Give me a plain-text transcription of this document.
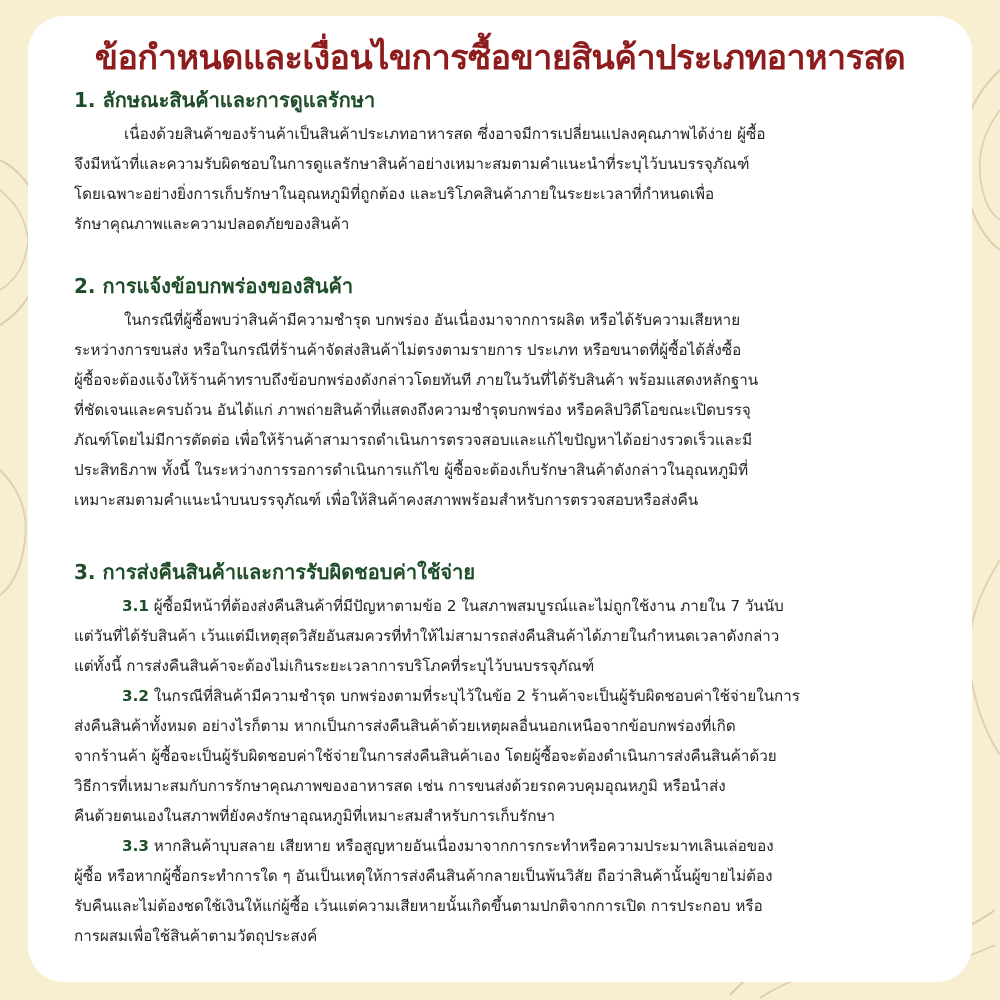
ข้อกำหนดและเงื่อนไขการซื้อขายสินค้าประเภทอาหารสด
1. ลักษณะสินค้าและการดูแลรักษา

เนื่องด้วยสินค้าของร้านค้าเป็นสินค้าประเภทอาหารสด ซึ่งอาจมีการเปลี่ยนแปลงคุณภาพได้ง่าย ผู้ซื้อ
จึงมีหน้าที่และความรับผิดชอบในการดูแลรักษาสินค้าอย่างเหมาะสมตามคำแนะนำที่ระบุไว้บนบรรจุภัณฑ์
โดยเฉพาะอย่างยิ่งการเก็บรักษาในอุณหภูมิที่ถูกต้อง และบริโภคสินค้าภายในระยะเวลาที่กำหนดเพื่อ
รักษาคุณภาพและความปลอดภัยของสินค้า

2. การแจ้งข้อบกพร่องของสินค้า

ในกรณีที่ผู้ซื้อพบว่าสินค้ามีความชำรุด บกพร่อง อันเนื่องมาจากการผลิต หรือได้รับความเสียหาย
ระหว่างการขนส่ง หรือในกรณีที่ร้านค้าจัดส่งสินค้าไม่ตรงตามรายการ ประเภท หรือขนาดที่ผู้ซื้อได้สั่งซื้อ
ผู้ซื้อจะต้องแจ้งให้ร้านค้าทราบถึงข้อบกพร่องดังกล่าวโดยทันที ภายในวันที่ได้รับสินค้า พร้อมแสดงหลักฐาน
ที่ชัดเจนและครบถ้วน อันได้แก่ ภาพถ่ายสินค้าที่แสดงถึงความชำรุดบกพร่อง หรือคลิปวิดีโอขณะเปิดบรรจุ
ภัณฑ์โดยไม่มีการตัดต่อ เพื่อให้ร้านค้าสามารถดำเนินการตรวจสอบและแก้ไขปัญหาได้อย่างรวดเร็วและมี
ประสิทธิภาพ ทั้งนี้ ในระหว่างการรอการดำเนินการแก้ไข ผู้ซื้อจะต้องเก็บรักษาสินค้าดังกล่าวในอุณหภูมิที่
เหมาะสมตามคำแนะนำบนบรรจุภัณฑ์ เพื่อให้สินค้าคงสภาพพร้อมสำหรับการตรวจสอบหรือส่งคืน

3. การส่งคืนสินค้าและการรับผิดชอบค่าใช้จ่าย

3.1 ผู้ซื้อมีหน้าที่ต้องส่งคืนสินค้าที่มีปัญหาตามข้อ 2 ในสภาพสมบูรณ์และไม่ถูกใช้งาน ภายใน 7 วันนับ
แต่วันที่ได้รับสินค้า เว้นแต่มีเหตุสุดวิสัยอันสมควรที่ทำให้ไม่สามารถส่งคืนสินค้าได้ภายในกำหนดเวลาดังกล่าว
แต่ทั้งนี้ การส่งคืนสินค้าจะต้องไม่เกินระยะเวลาการบริโภคที่ระบุไว้บนบรรจุภัณฑ์

3.2 ในกรณีที่สินค้ามีความชำรุด บกพร่องตามที่ระบุไว้ในข้อ 2 ร้านค้าจะเป็นผู้รับผิดชอบค่าใช้จ่ายในการ
ส่งคืนสินค้าทั้งหมด อย่างไรก็ตาม หากเป็นการส่งคืนสินค้าด้วยเหตุผลอื่นนอกเหนือจากข้อบกพร่องที่เกิด
จากร้านค้า ผู้ซื้อจะเป็นผู้รับผิดชอบค่าใช้จ่ายในการส่งคืนสินค้าเอง โดยผู้ซื้อจะต้องดำเนินการส่งคืนสินค้าด้วย
วิธีการที่เหมาะสมกับการรักษาคุณภาพของอาหารสด เช่น การขนส่งด้วยรถควบคุมอุณหภูมิ หรือนำส่ง
คืนด้วยตนเองในสภาพที่ยังคงรักษาอุณหภูมิที่เหมาะสมสำหรับการเก็บรักษา

3.3 หากสินค้าบุบสลาย เสียหาย หรือสูญหายอันเนื่องมาจากการกระทำหรือความประมาทเลินเล่อของ
ผู้ซื้อ หรือหากผู้ซื้อกระทำการใด ๆ อันเป็นเหตุให้การส่งคืนสินค้ากลายเป็นพ้นวิสัย ถือว่าสินค้านั้นผู้ขายไม่ต้อง
รับคืนและไม่ต้องชดใช้เงินให้แก่ผู้ซื้อ เว้นแต่ความเสียหายนั้นเกิดขึ้นตามปกติจากการเปิด การประกอบ หรือ
การผสมเพื่อใช้สินค้าตามวัตถุประสงค์
